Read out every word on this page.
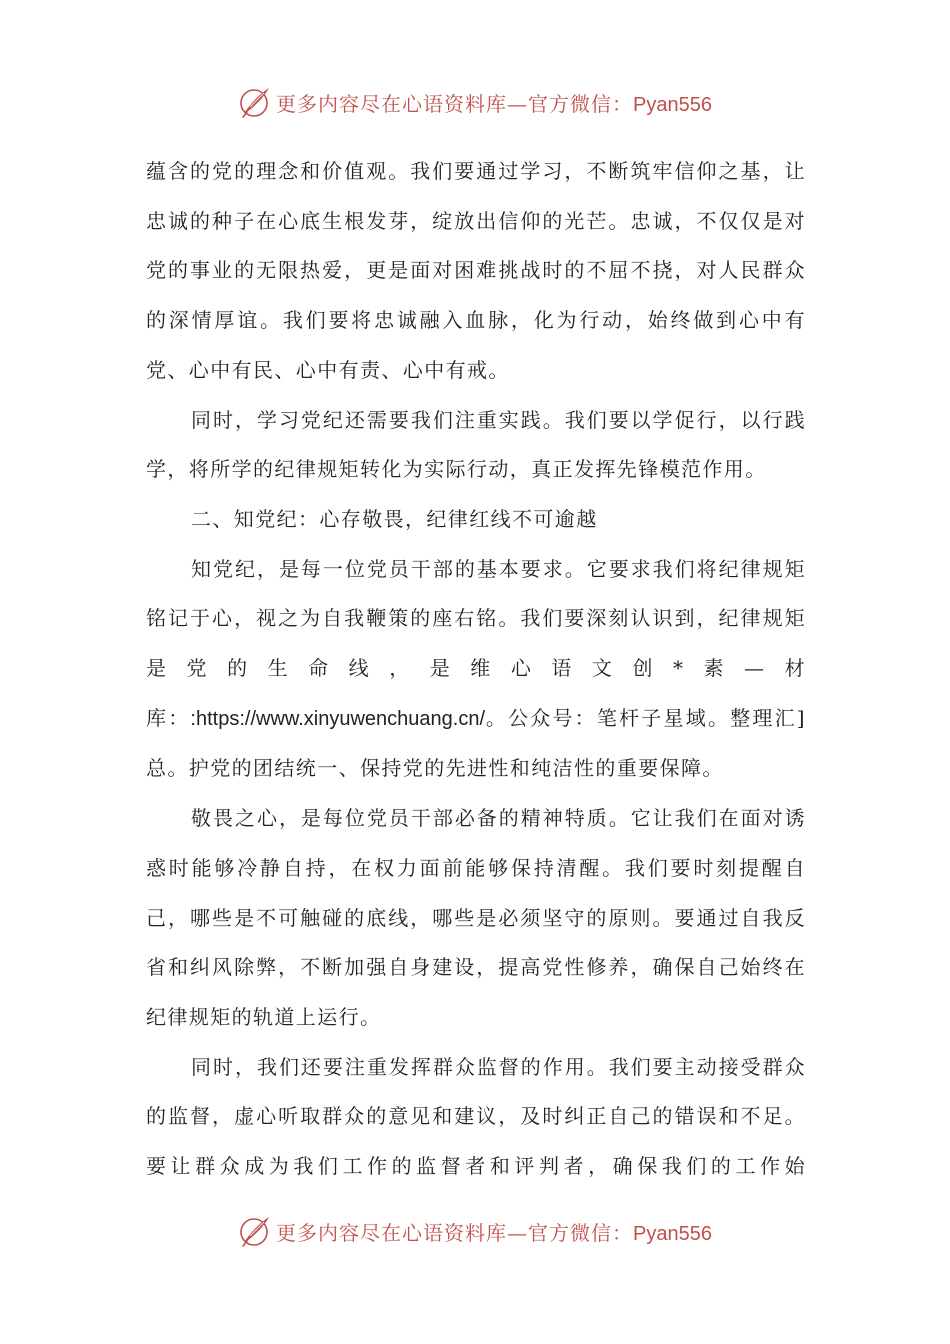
更多内容尽在心语资料库—官方微信：Pyan556

蕴含的党的理念和价值观。我们要通过学习，不断筑牢信仰之基，让忠诚的种子在心底生根发芽，绽放出信仰的光芒。忠诚，不仅仅是对党的事业的无限热爱，更是面对困难挑战时的不屈不挠，对人民群众的深情厚谊。我们要将忠诚融入血脉，化为行动，始终做到心中有党、心中有民、心中有责、心中有戒。

同时，学习党纪还需要我们注重实践。我们要以学促行，以行践学，将所学的纪律规矩转化为实际行动，真正发挥先锋模范作用。

二、知党纪：心存敬畏，纪律红线不可逾越

知党纪，是每一位党员干部的基本要求。它要求我们将纪律规矩铭记于心，视之为自我鞭策的座右铭。我们要深刻认识到，纪律规矩是党的生命线，是维心语文创*素—材库：:https://www.xinyuwenchuang.cn/。公众号：笔杆子星域。整理汇]总。护党的团结统一、保持党的先进性和纯洁性的重要保障。

敬畏之心，是每位党员干部必备的精神特质。它让我们在面对诱惑时能够冷静自持，在权力面前能够保持清醒。我们要时刻提醒自己，哪些是不可触碰的底线，哪些是必须坚守的原则。要通过自我反省和纠风除弊，不断加强自身建设，提高党性修养，确保自己始终在纪律规矩的轨道上运行。

同时，我们还要注重发挥群众监督的作用。我们要主动接受群众的监督，虚心听取群众的意见和建议，及时纠正自己的错误和不足。要让群众成为我们工作的监督者和评判者，确保我们的工作始

更多内容尽在心语资料库—官方微信：Pyan556
